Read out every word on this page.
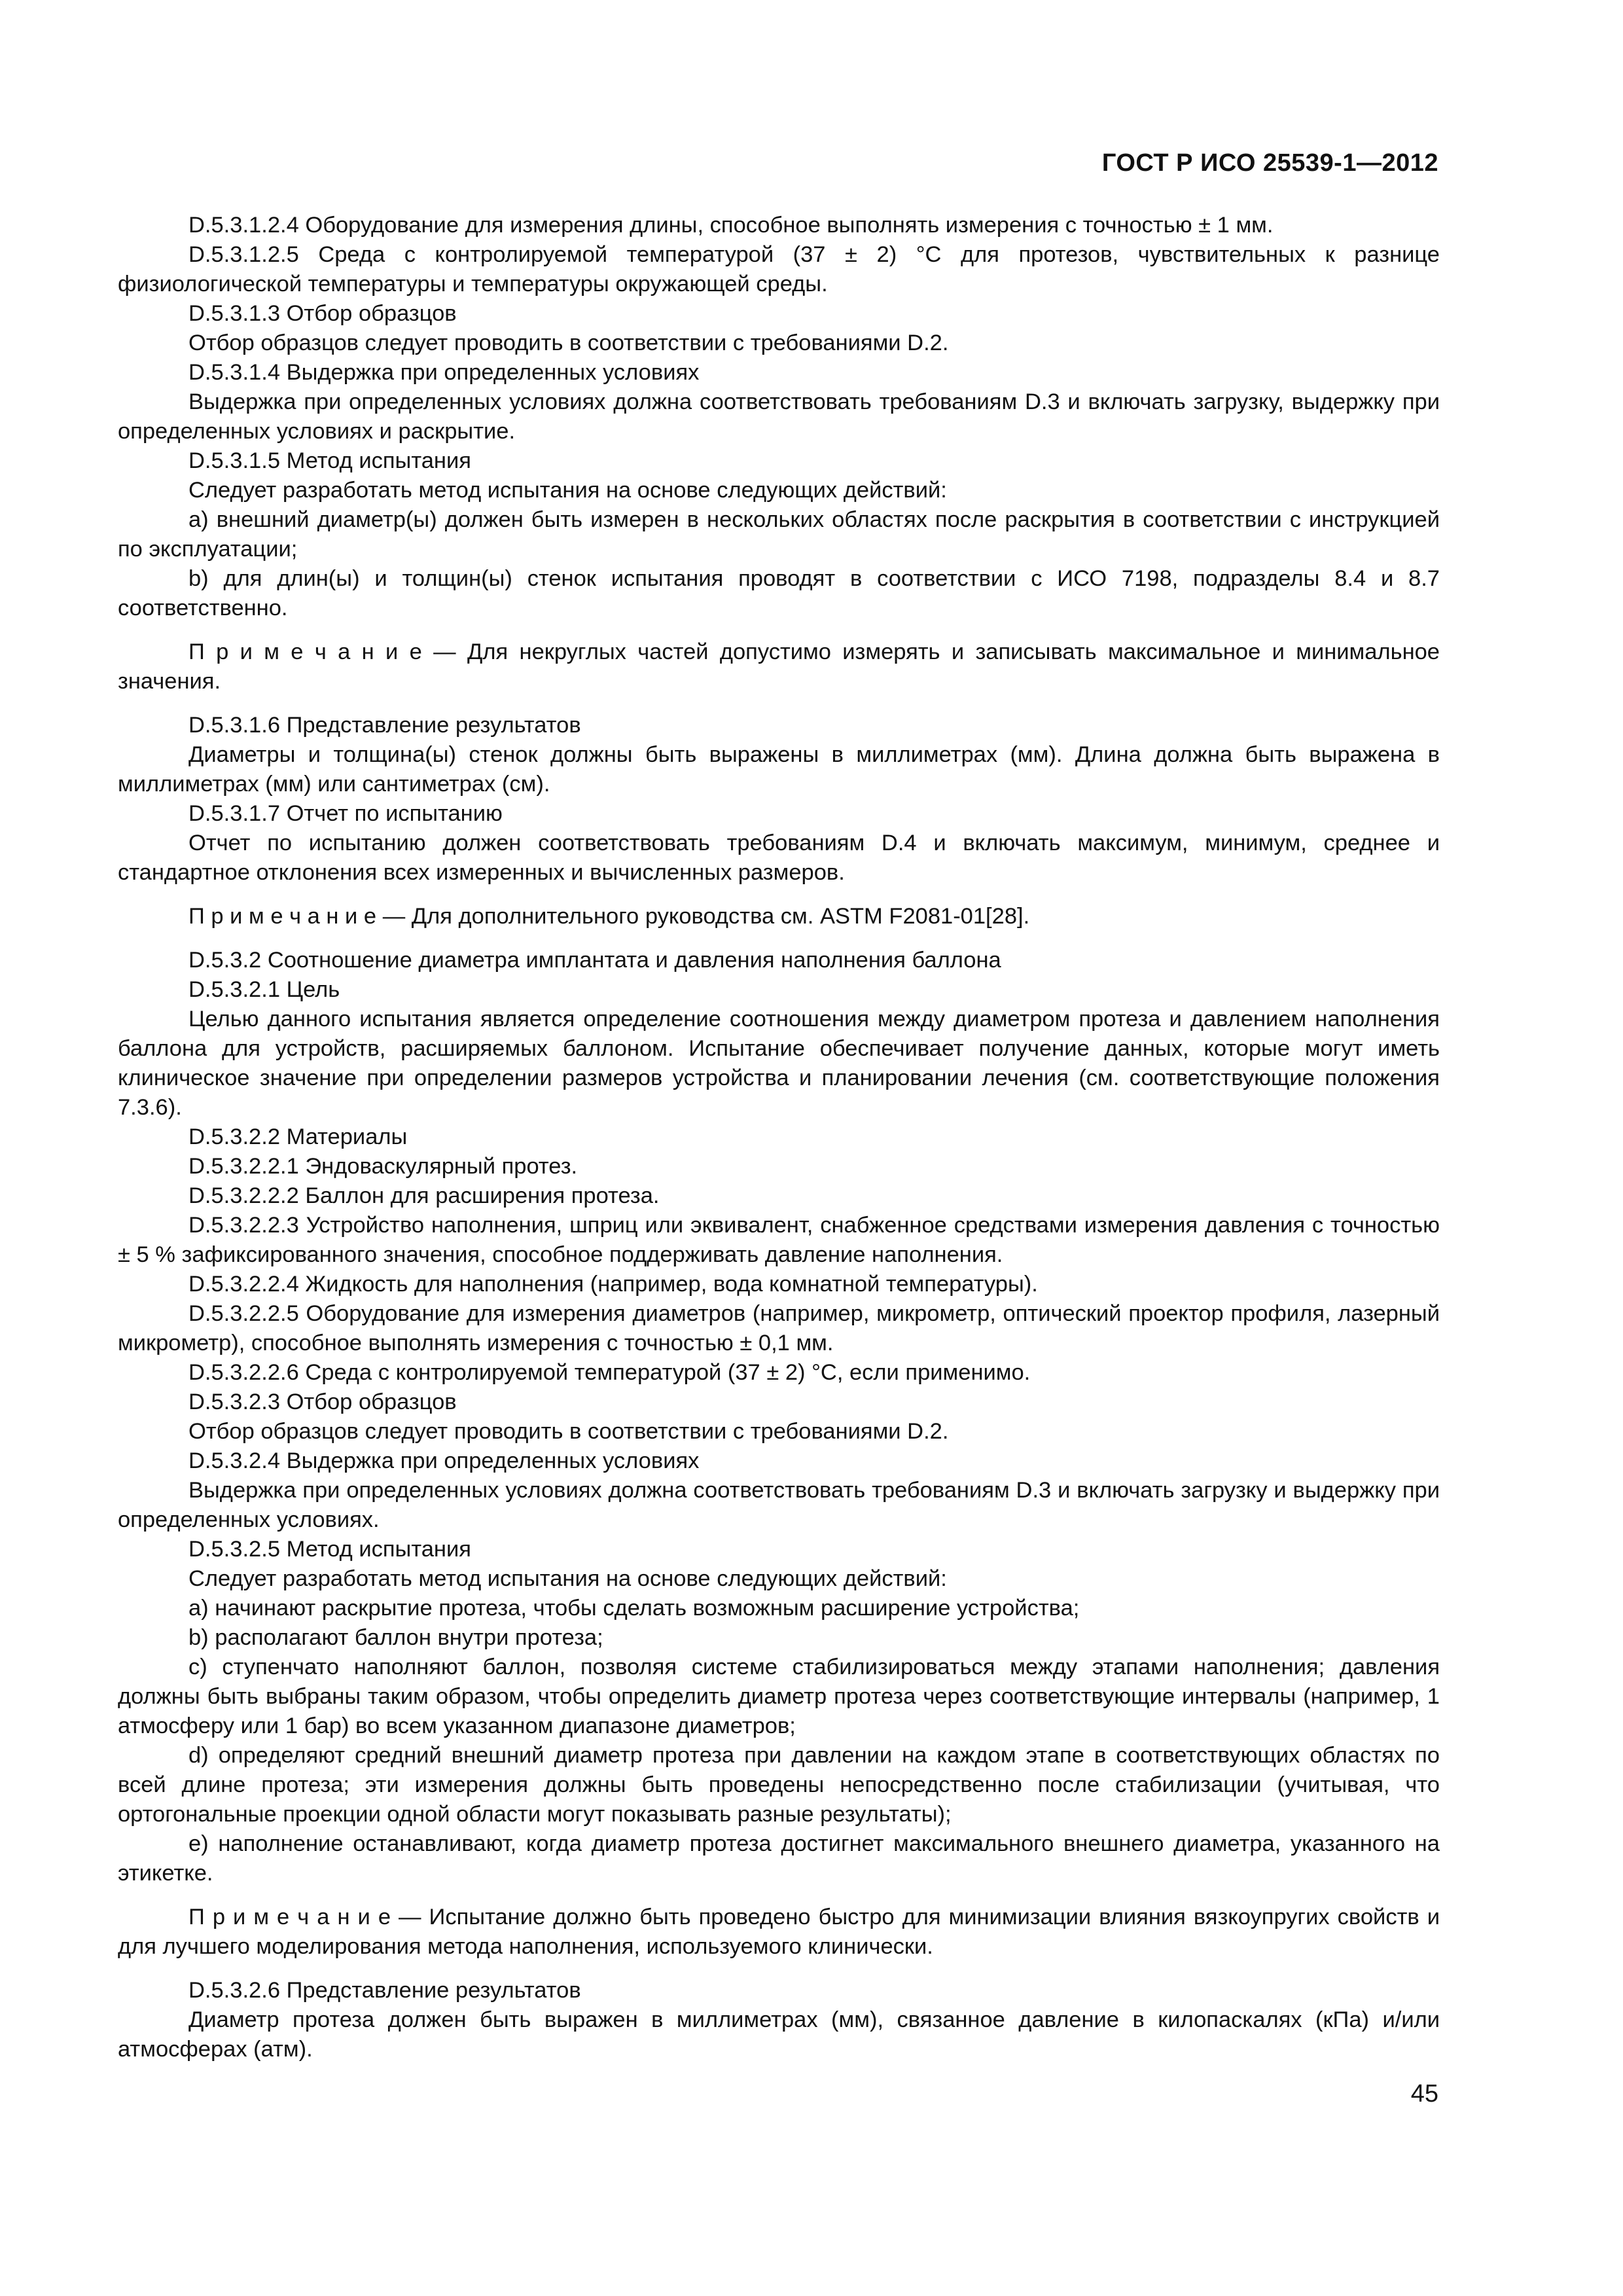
ГОСТ Р ИСО 25539-1—2012

D.5.3.1.2.4 Оборудование для измерения длины, способное выполнять измерения с точностью ± 1 мм.

D.5.3.1.2.5 Среда с контролируемой температурой (37 ± 2) °С для протезов, чувствительных к разнице физиологической температуры и температуры окружающей среды.

D.5.3.1.3 Отбор образцов

Отбор образцов следует проводить в соответствии с требованиями D.2.

D.5.3.1.4 Выдержка при определенных условиях

Выдержка при определенных условиях должна соответствовать требованиям D.3 и включать загрузку, выдержку при определенных условиях и раскрытие.

D.5.3.1.5 Метод испытания

Следует разработать метод испытания на основе следующих действий:

а) внешний диаметр(ы) должен быть измерен в нескольких областях после раскрытия в соответствии с инструкцией по эксплуатации;

b) для длин(ы) и толщин(ы) стенок испытания проводят в соответствии с ИСО 7198, подразделы 8.4 и 8.7 соответственно.

П р и м е ч а н и е — Для некруглых частей допустимо измерять и записывать максимальное и минимальное значения.

D.5.3.1.6 Представление результатов

Диаметры и толщина(ы) стенок должны быть выражены в миллиметрах (мм). Длина должна быть выражена в миллиметрах (мм) или сантиметрах (см).

D.5.3.1.7 Отчет по испытанию

Отчет по испытанию должен соответствовать требованиям D.4 и включать максимум, минимум, среднее и стандартное отклонения всех измеренных и вычисленных размеров.

П р и м е ч а н и е — Для дополнительного руководства см. ASTM F2081-01[28].

D.5.3.2 Соотношение диаметра имплантата и давления наполнения баллона

D.5.3.2.1 Цель

Целью данного испытания является определение соотношения между диаметром протеза и давлением наполнения баллона для устройств, расширяемых баллоном. Испытание обеспечивает получение данных, которые могут иметь клиническое значение при определении размеров устройства и планировании лечения (см. соответствующие положения 7.3.6).

D.5.3.2.2 Материалы

D.5.3.2.2.1 Эндоваскулярный протез.

D.5.3.2.2.2 Баллон для расширения протеза.

D.5.3.2.2.3 Устройство наполнения, шприц или эквивалент, снабженное средствами измерения давления с точностью ± 5 % зафиксированного значения, способное поддерживать давление наполнения.

D.5.3.2.2.4 Жидкость для наполнения (например, вода комнатной температуры).

D.5.3.2.2.5 Оборудование для измерения диаметров (например, микрометр, оптический проектор профиля, лазерный микрометр), способное выполнять измерения с точностью ± 0,1 мм.

D.5.3.2.2.6 Среда с контролируемой температурой (37 ± 2) °С, если применимо.

D.5.3.2.3 Отбор образцов

Отбор образцов следует проводить в соответствии с требованиями D.2.

D.5.3.2.4 Выдержка при определенных условиях

Выдержка при определенных условиях должна соответствовать требованиям D.3 и включать загрузку и выдержку при определенных условиях.

D.5.3.2.5 Метод испытания

Следует разработать метод испытания на основе следующих действий:

а) начинают раскрытие протеза, чтобы сделать возможным расширение устройства;

b) располагают баллон внутри протеза;

с) ступенчато наполняют баллон, позволяя системе стабилизироваться между этапами наполнения; давления должны быть выбраны таким образом, чтобы определить диаметр протеза через соответствующие интервалы (например, 1 атмосферу или 1 бар) во всем указанном диапазоне диаметров;

d) определяют средний внешний диаметр протеза при давлении на каждом этапе в соответствующих областях по всей длине протеза; эти измерения должны быть проведены непосредственно после стабилизации (учитывая, что ортогональные проекции одной области могут показывать разные результаты);

е) наполнение останавливают, когда диаметр протеза достигнет максимального внешнего диаметра, указанного на этикетке.

П р и м е ч а н и е — Испытание должно быть проведено быстро для минимизации влияния вязкоупругих свойств и для лучшего моделирования метода наполнения, используемого клинически.

D.5.3.2.6 Представление результатов

Диаметр протеза должен быть выражен в миллиметрах (мм), связанное давление в килопаскалях (кПа) и/или атмосферах (атм).

45
